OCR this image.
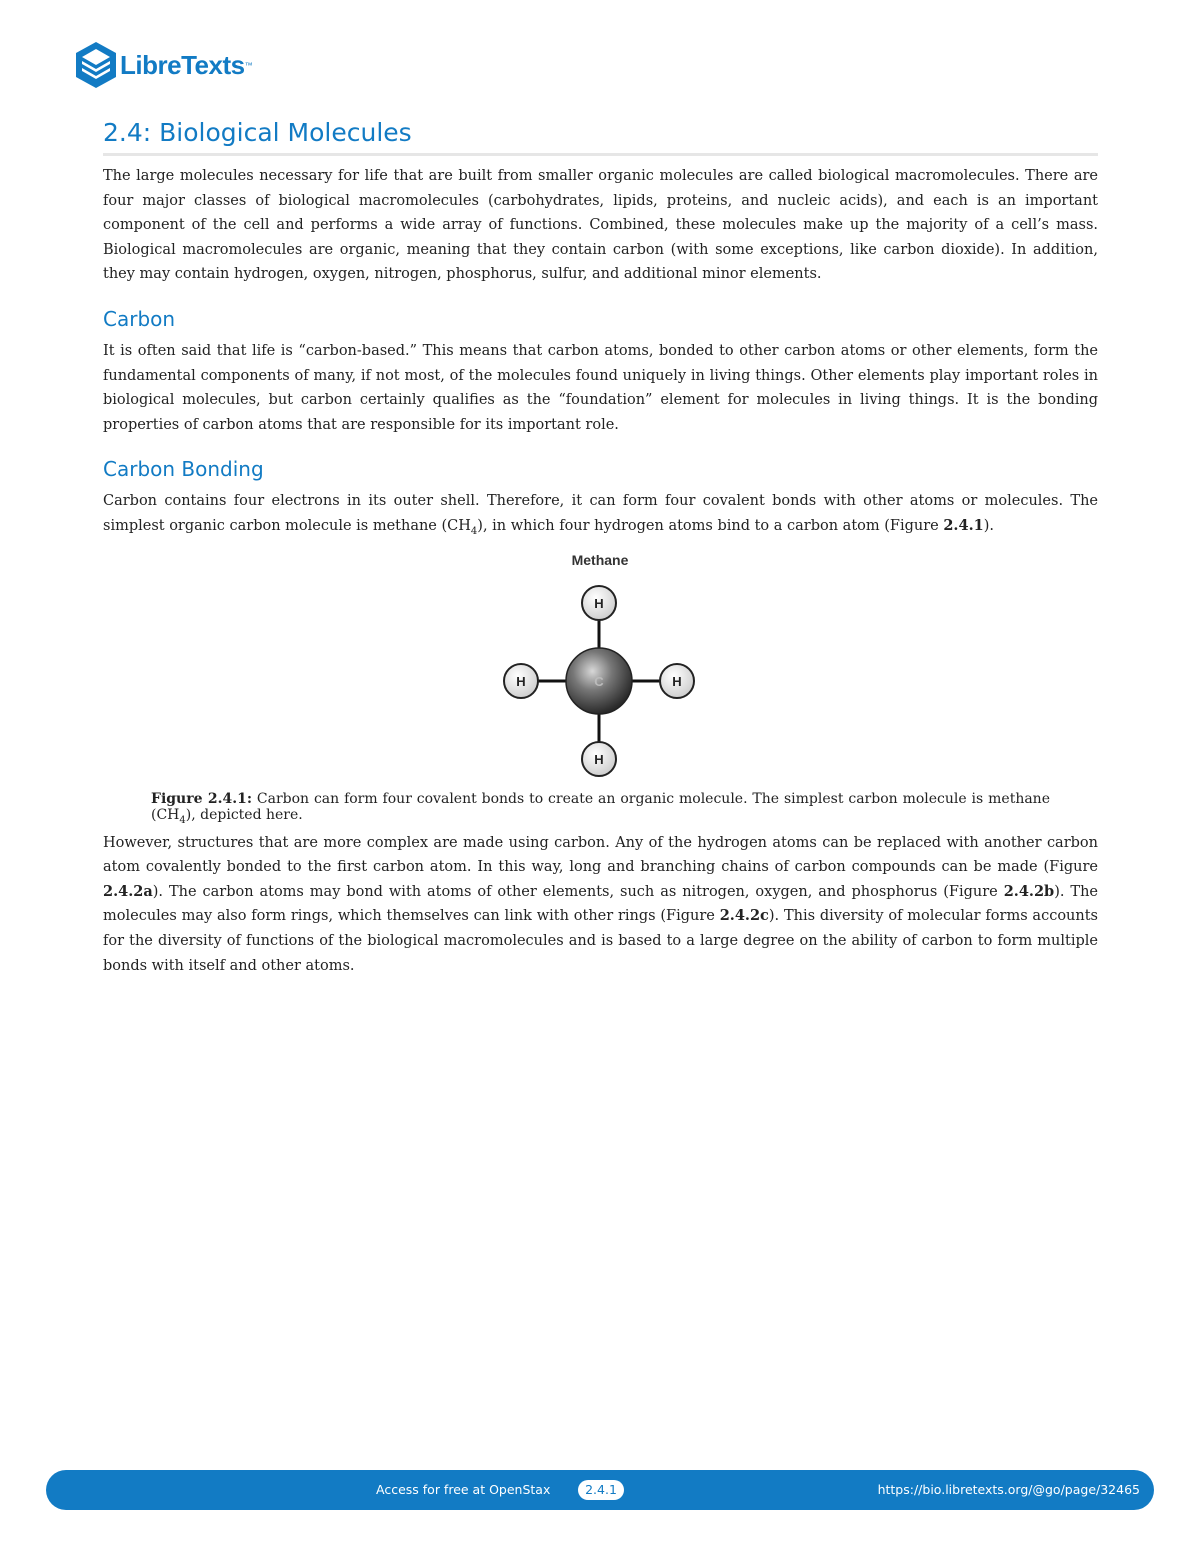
LibreTexts ™
2.4: Biological Molecules

The large molecules necessary for life that are built from smaller organic molecules are called biological macromolecules. There are four major classes of biological macromolecules (carbohydrates, lipids, proteins, and nucleic acids), and each is an important component of the cell and performs a wide array of functions. Combined, these molecules make up the majority of a cell’s mass. Biological macromolecules are organic, meaning that they contain carbon (with some exceptions, like carbon dioxide). In addition, they may contain hydrogen, oxygen, nitrogen, phosphorus, sulfur, and additional minor elements.

Carbon

It is often said that life is “carbon-based.” This means that carbon atoms, bonded to other carbon atoms or other elements, form the fundamental components of many, if not most, of the molecules found uniquely in living things. Other elements play important roles in biological molecules, but carbon certainly qualifies as the “foundation” element for molecules in living things. It is the bonding properties of carbon atoms that are responsible for its important role.

Carbon Bonding

Carbon contains four electrons in its outer shell. Therefore, it can form four covalent bonds with other atoms or molecules. The simplest organic carbon molecule is methane $(CH_4)$, in which four hydrogen atoms bind to a carbon atom (Figure 2.4.1).

Methane
C
H
H
H	H
Figure 2.4.1: Carbon can form four covalent bonds to create an organic molecule. The simplest carbon molecule is methane $(CH_4)$, depicted here.

However, structures that are more complex are made using carbon. Any of the hydrogen atoms can be replaced with another carbon atom covalently bonded to the first carbon atom. In this way, long and branching chains of carbon compounds can be made (Figure 2.4.2a). The carbon atoms may bond with atoms of other elements, such as nitrogen, oxygen, and phosphorus (Figure 2.4.2b). The molecules may also form rings, which themselves can link with other rings (Figure 2.4.2c). This diversity of molecular forms accounts for the diversity of functions of the biological macromolecules and is based to a large degree on the ability of carbon to form multiple bonds with itself and other atoms.

Access for free at OpenStax	2.4.1	https://bio.libretexts.org/@go/page/32465
